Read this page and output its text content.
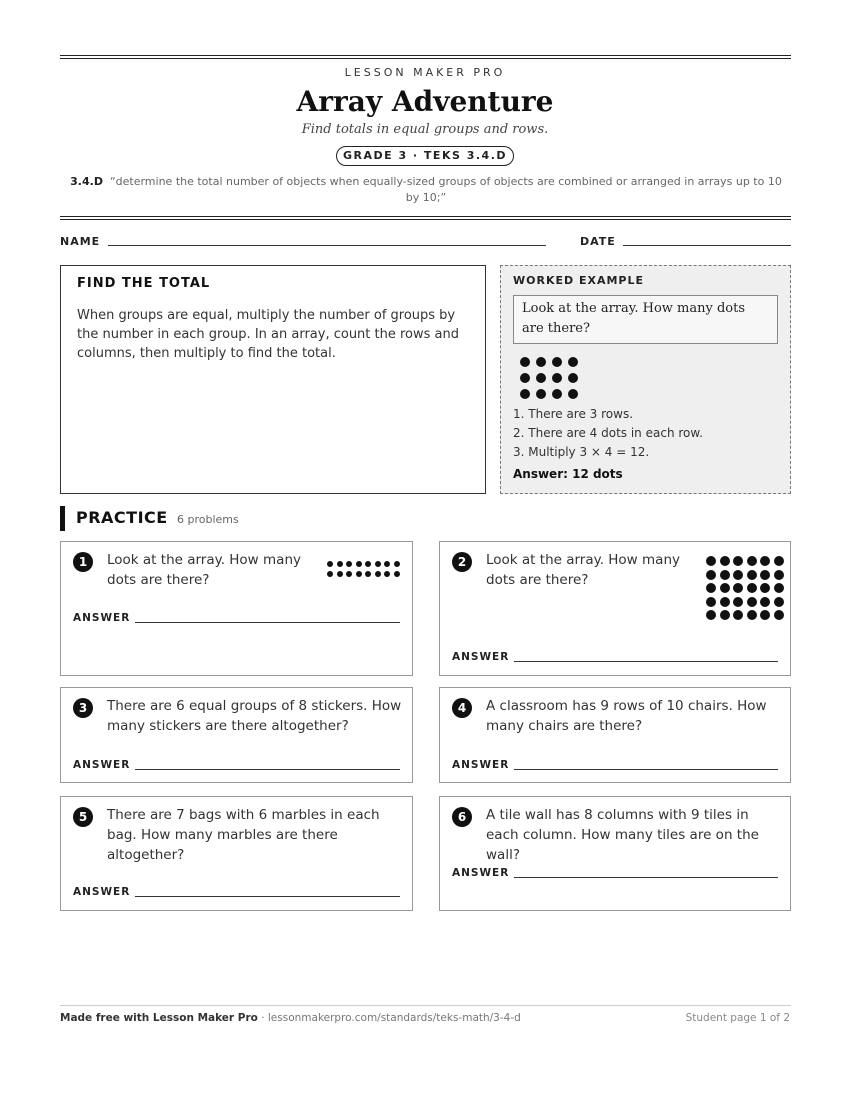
LESSON MAKER PRO
Array Adventure
Find totals in equal groups and rows.
GRADE 3 · TEKS 3.4.D
3.4.D “determine the total number of objects when equally-sized groups of objects are combined or arranged in arrays up to 10 by 10;”
NAME	DATE
FIND THE TOTAL

When groups are equal, multiply the number of groups by the number in each group. In an array, count the rows and columns, then multiply to find the total.

WORKED EXAMPLE
Look at the array. How many dots are there?
1. There are 3 rows.
2. There are 4 dots in each row.
3. Multiply 3 × 4 = 12.
Answer: 12 dots
PRACTICE 6 problems
1	Look at the array. How many dots are there?
ANSWER
2	Look at the array. How many dots are there?
ANSWER
3	There are 6 equal groups of 8 stickers. How many stickers are there altogether?
ANSWER
4	A classroom has 9 rows of 10 chairs. How many chairs are there?
ANSWER
5	There are 7 bags with 6 marbles in each bag. How many marbles are there altogether?
ANSWER
6	A tile wall has 8 columns with 9 tiles in each column. How many tiles are on the wall?
ANSWER
Made free with Lesson Maker Pro · lessonmakerpro.com/standards/teks-math/3-4-d	Student page 1 of 2
